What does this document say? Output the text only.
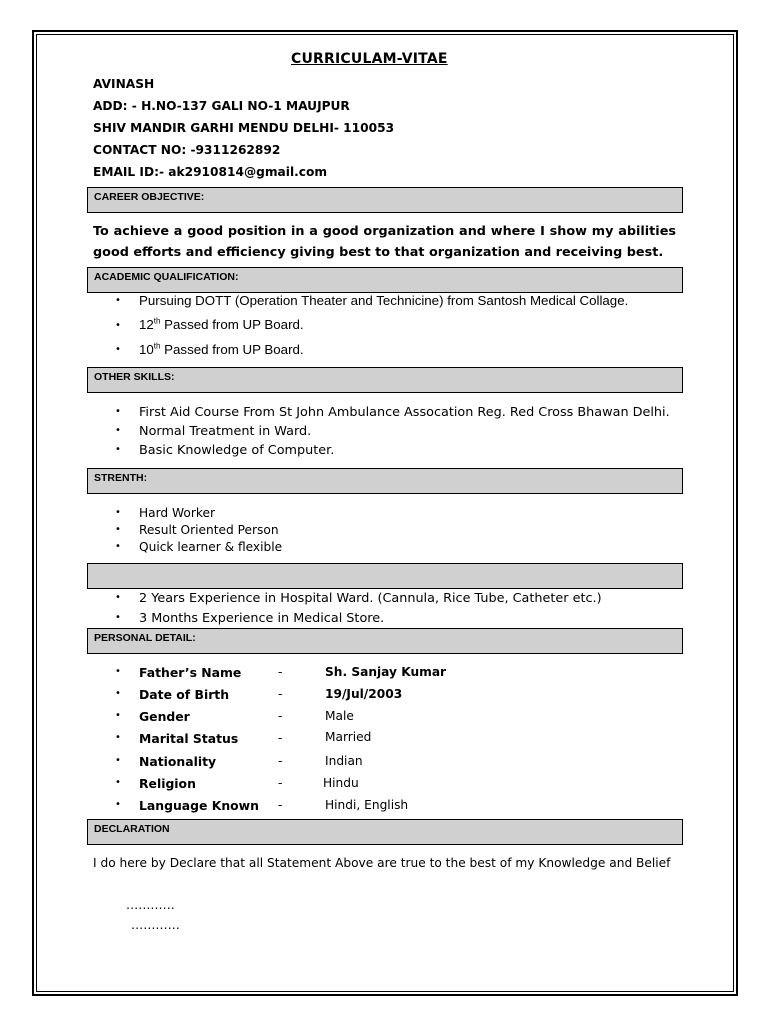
CURRICULAM-VITAE
AVINASH
ADD: - H.NO-137 GALI NO-1 MAUJPUR
SHIV MANDIR GARHI MENDU DELHI- 110053
CONTACT NO: -9311262892
EMAIL ID:- ak2910814@gmail.com
CAREER OBJECTIVE:
To achieve a good position in a good organization and where I show my abilities good efforts and efficiency giving best to that organization and receiving best.
ACADEMIC QUALIFICATION:
• Pursuing DOTT (Operation Theater and Technicine) from Santosh Medical Collage.
• 12th Passed from UP Board.
• 10th Passed from UP Board.
OTHER SKILLS:
• First Aid Course From St John Ambulance Assocation Reg. Red Cross Bhawan Delhi.
• Normal Treatment in Ward.
• Basic Knowledge of Computer.
STRENTH:
• Hard Worker
• Result Oriented Person
• Quick learner & flexible
• 2 Years Experience in Hospital Ward. (Cannula, Rice Tube, Catheter etc.)
• 3 Months Experience in Medical Store.
PERSONAL DETAIL:
• Father’s Name	-	Sh. Sanjay Kumar
• Date of Birth	-	19/Jul/2003
• Gender	-	Male
• Marital Status	-	Married
• Nationality	-	Indian
• Religion	-	Hindu
• Language Known -	Hindi, English
DECLARATION
I do here by Declare that all Statement Above are true to the best of my Knowledge and Belief
…………
…………
